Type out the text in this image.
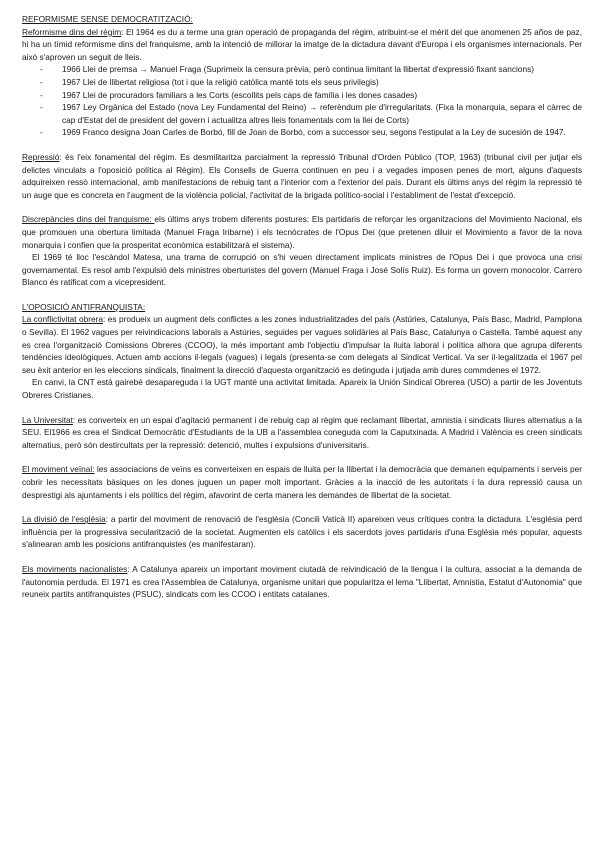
REFORMISME SENSE DEMOCRATITZACIÓ:

Reformisme dins del règim: El 1964 es du a terme una gran operació de propaganda del règim, atribuint-se el mèrit del que anomenen 25 años de paz, hi ha un tímid reformisme dins del franquisme, amb la intenció de millorar la imatge de la dictadura davant d'Europa i els organismes internacionals. Per això s'aproven un seguit de lleis.

- 1966 Llei de premsa → Manuel Fraga (Suprimeix la censura prèvia, però continua limitant la llibertat d'expressió fixant sancions)
- 1967 Llei de llibertat religiosa (tot i que la religió catòlica manté tots els seus privilegis)
- 1967 Llei de procuradors familiars a les Corts (escollits pels caps de família i les dones casades)
- 1967 Ley Orgànica del Estado (nova Ley Fundamental del Reino) → referèndum ple d'irregularitats. (Fixa la monarquia, separa el càrrec de cap d'Estat del de president del govern i actualitza altres lleis fonamentals com la llei de Corts)
- 1969 Franco designa Joan Carles de Borbó, fill de Joan de Borbó, com a successor seu, segons l'estipulat a la Ley de sucesión de 1947.

Repressió: és l'eix fonamental del règim. Es desmilitaritza parcialment la repressió Tribunal d'Orden Público (TOP, 1963) (tribunal civil per jutjar els delictes vinculats a l'oposició política al Règim). Els Consells de Guerra continuen en peu i a vegades imposen penes de mort, alguns d'aquests adquireixen ressò internacional, amb manifestacions de rebuig tant a l'interior com a l'exterior del país. Durant els últims anys del règim la repressió té un auge que es concreta en l'augment de la violència policial, l'activitat de la brigada político-social i l'establiment de l'estat d'excepció.

Discrepàncies dins del franquisme: els últims anys trobem diferents postures: Els partidaris de reforçar les organitzacions del Movimiento Nacional, els que promouen una obertura limitada (Manuel Fraga Iribarne) i els tecnòcrates de l'Opus Dei (que pretenen diluir el Movimiento a favor de la nova monarquia i confien que la prosperitat econòmica estabilitzarà el sistema).

El 1969 té lloc l'escàndol Matesa, una trama de corrupció on s'hi veuen directament implicats ministres de l'Opus Dei i que provoca una crisi governamental. Es resol amb l'expulsió dels ministres oberturistes del govern (Manuel Fraga i José Solís Ruiz). Es forma un govern monocolor. Carrero Blanco és ratificat com a vicepresident.

L'OPOSICIÓ ANTIFRANQUISTA:

La conflictivitat obrera: es produeix un augment dels conflictes a les zones industrialitzades del país (Astúries, Catalunya, País Basc, Madrid, Pamplona o Sevilla). El 1962 vagues per reivindicacions laborals a Astúries, seguides per vagues solidàries al País Basc, Catalunya o Castella. També aquest any es crea l'organització Comissions Obreres (CCOO), la més important amb l'objectiu d'impulsar la lluita laboral i política alhora que agrupa diferents tendències ideològiques. Actuen amb accions il·legals (vagues) i legals (presenta-se com delegats al Sindicat Vertical. Va ser il·legalitzada el 1967 pel seu èxit anterior en les eleccions sindicals, finalment la direcció d'aquesta organització es detinguda i jutjada amb dures commdenes el 1972.

En canvi, la CNT està gairebé desapareguda i la UGT manté una activitat limitada. Apareix la Unión Sindical Obrerea (USO) a partir de les Joventuts Obreres Cristianes.

La Universitat: es converteix en un espai d'agitació permanent i de rebuig cap al règim que reclamant llibertat, amnistia i sindicats lliures alternatius a la SEU. El1966 es crea el Sindicat Democràtic d'Estudiants de la UB a l'assemblea coneguda com la Caputxinada. A Madrid i València es creen sindicats alternatius, però són destircultats per la repressió: detenció, multes i expulsions d'universitaris.

El moviment veïnal: les associacions de veïns es converteixen en espais de lluita per la llibertat i la democràcia que demanen equipaments i serveis per cobrir les necessitats bàsiques on les dones juguen un paper molt important. Gràcies a la inacció de les autoritats i la dura repressió causa un desprestigi als ajuntaments i els polítics del règim, afavorint de certa manera les demandes de llibertat de la societat.

La divisió de l'església: a partir del moviment de renovació de l'església (Concili Vaticà II) apareixen veus crítiques contra la dictadura. L'església perd influència per la progressiva secularització de la societat. Augmenten els catòlics i els sacerdots joves partidaris d'una Església més popular, aquests s'alinearan amb les posicions antifranquistes (es manifestaran).

Els moviments nacionalistes: A Catalunya apareix un important moviment ciutadà de reivindicació de la llengua i la cultura, associat a la demanda de l'autonomia perduda. El 1971 es crea l'Assemblea de Catalunya, organisme unitari que popularitza el lema "Llibertat, Amnistia, Estatut d'Autonomia" que reuneix partits antifranquistes (PSUC), sindicats com les CCOO i entitats catalanes.
